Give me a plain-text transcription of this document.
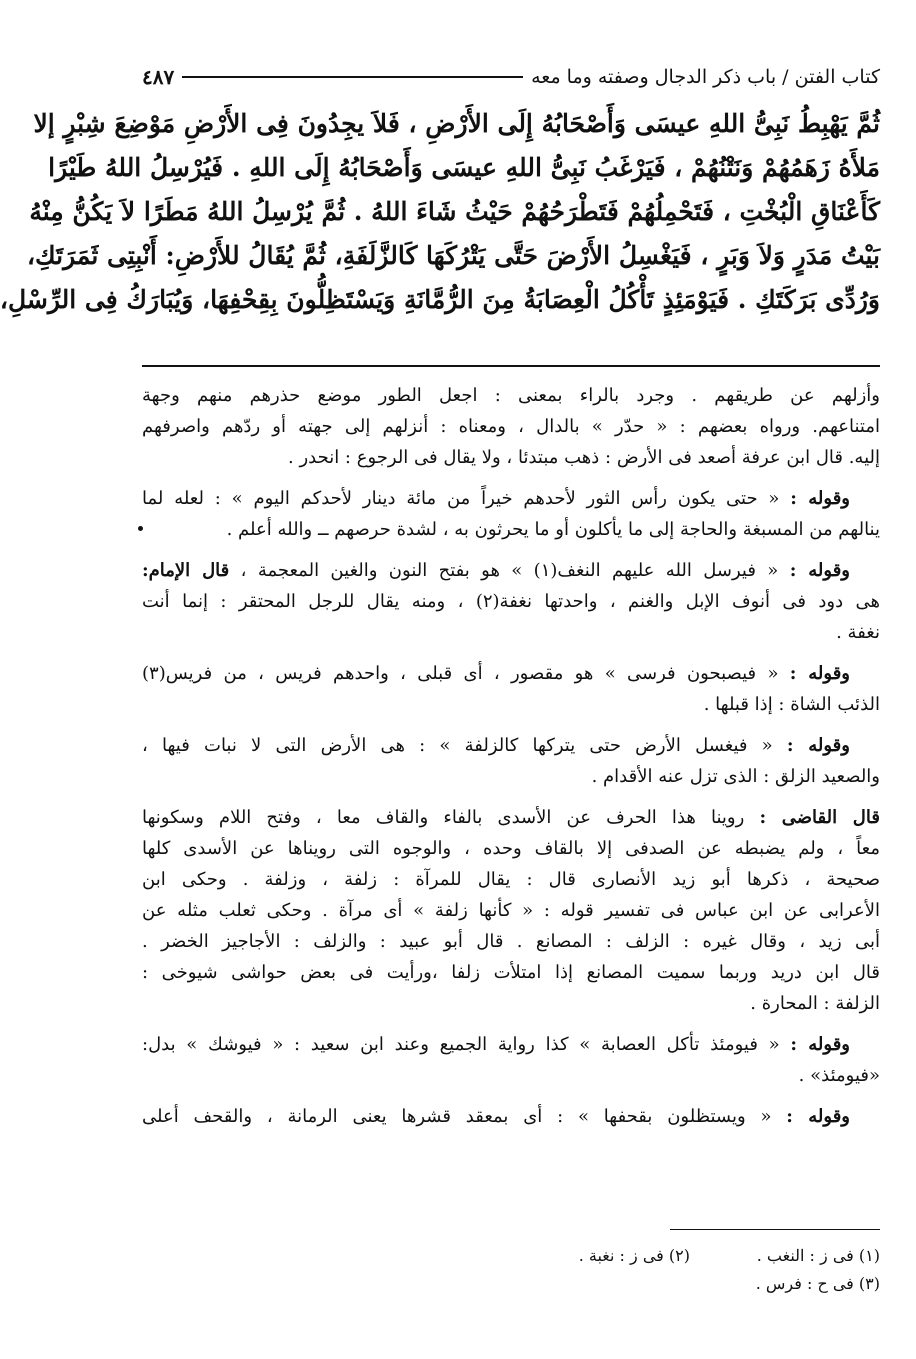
كتاب الفتن / باب ذكر الدجال وصفته وما معه
٤٨٧
ثُمَّ يَهْبِطُ نَبِىُّ اللهِ عيسَى وَأَصْحَابُهُ إِلَى الأَرْضِ ، فَلاَ يجِدُونَ فِى الأَرْضِ مَوْضِعَ شِبْرٍ إلا
مَلأَهُ زَهَمُهُمْ وَنَتْنُهُمْ ، فَيَرْغَبُ نَبِىُّ اللهِ عيسَى وَأَصْحَابُهُ إِلَى اللهِ . فَيُرْسِلُ اللهُ طَيْرًا
كَأَعْنَاقِ الْبُخْتِ ، فَتَحْمِلُهُمْ فَتَطْرَحُهُمْ حَيْثُ شَاءَ اللهُ . ثُمَّ يُرْسِلُ اللهُ مَطَرًا لاَ يَكُنُّ مِنْهُ
بَيْتُ مَدَرٍ وَلاَ وَبَرٍ ، فَيَغْسِلُ الأَرْضَ حَتَّى يَتْرُكَهَا كَالزَّلَفَةِ، ثُمَّ يُقَالُ للأَرْضِ: أَنْبِتِى ثَمَرَتَكِ،
وَرُدِّى بَرَكَتَكِ . فَيَوْمَئِذٍ تَأْكُلُ الْعِصَابَةُ مِنَ الرُّمَّانَةِ وَيَسْتَظِلُّونَ بِقِحْفِهَا، وَيُبَارَكُ فِى الرِّسْلِ،
وأزلهم عن طريقهم . وجرد بالراء بمعنى : اجعل الطور موضع حذرهم منهم وجهة
امتناعهم. ورواه بعضهم : « حدّر » بالدال ، ومعناه : أنزلهم إلى جهته أو ردّهم واصرفهم
إليه. قال ابن عرفة أصعد فى الأرض : ذهب مبتدئا ، ولا يقال فى الرجوع : انحدر .
وقوله : « حتى يكون رأس الثور لأحدهم خيراً من مائة دينار لأحدكم اليوم » : لعله لما
ينالهم من المسبغة والحاجة إلى ما يأكلون أو ما يحرثون به ، لشدة حرصهم ــ والله أعلم .
وقوله : « فيرسل الله عليهم النغف(١) » هو بفتح النون والغين المعجمة ، قال الإمام:
هى دود فى أنوف الإبل والغنم ، واحدتها نغفة(٢) ، ومنه يقال للرجل المحتقر : إنما أنت
نغفة .
وقوله : « فيصبحون فرسى » هو مقصور ، أى قبلى ، واحدهم فريس ، من فريس(٣)
الذئب الشاة : إذا قبلها .
وقوله : « فيغسل الأرض حتى يتركها كالزلفة » : هى الأرض التى لا نبات فيها ،
والصعيد الزلق : الذى تزل عنه الأقدام .
قال القاضى : روينا هذا الحرف عن الأسدى بالفاء والقاف معا ، وفتح اللام وسكونها
معاً ، ولم يضبطه عن الصدفى إلا بالقاف وحده ، والوجوه التى رويناها عن الأسدى كلها
صحيحة ، ذكرها أبو زيد الأنصارى قال : يقال للمرآة : زلفة ، وزلفة . وحكى ابن
الأعرابى عن ابن عباس فى تفسير قوله : « كأنها زلفة » أى مرآة . وحكى ثعلب مثله عن
أبى زيد ، وقال غيره : الزلف : المصانع . قال أبو عبيد : والزلف : الأجاجيز الخضر .
قال ابن دريد وربما سميت المصانع إذا امتلأت زلفا ،ورأيت فى بعض حواشى شيوخى :
الزلفة : المحارة .
وقوله : « فيومئذ تأكل العصابة » كذا رواية الجميع وعند ابن سعيد : « فيوشك » بدل:
«فيومئذ» .
وقوله : « ويستظلون بقحفها » : أى بمعقد قشرها يعنى الرمانة ، والقحف أعلى
(١) فى ز : النغب .
(٢) فى ز : نغبة .
(٣) فى ح : فرس .
